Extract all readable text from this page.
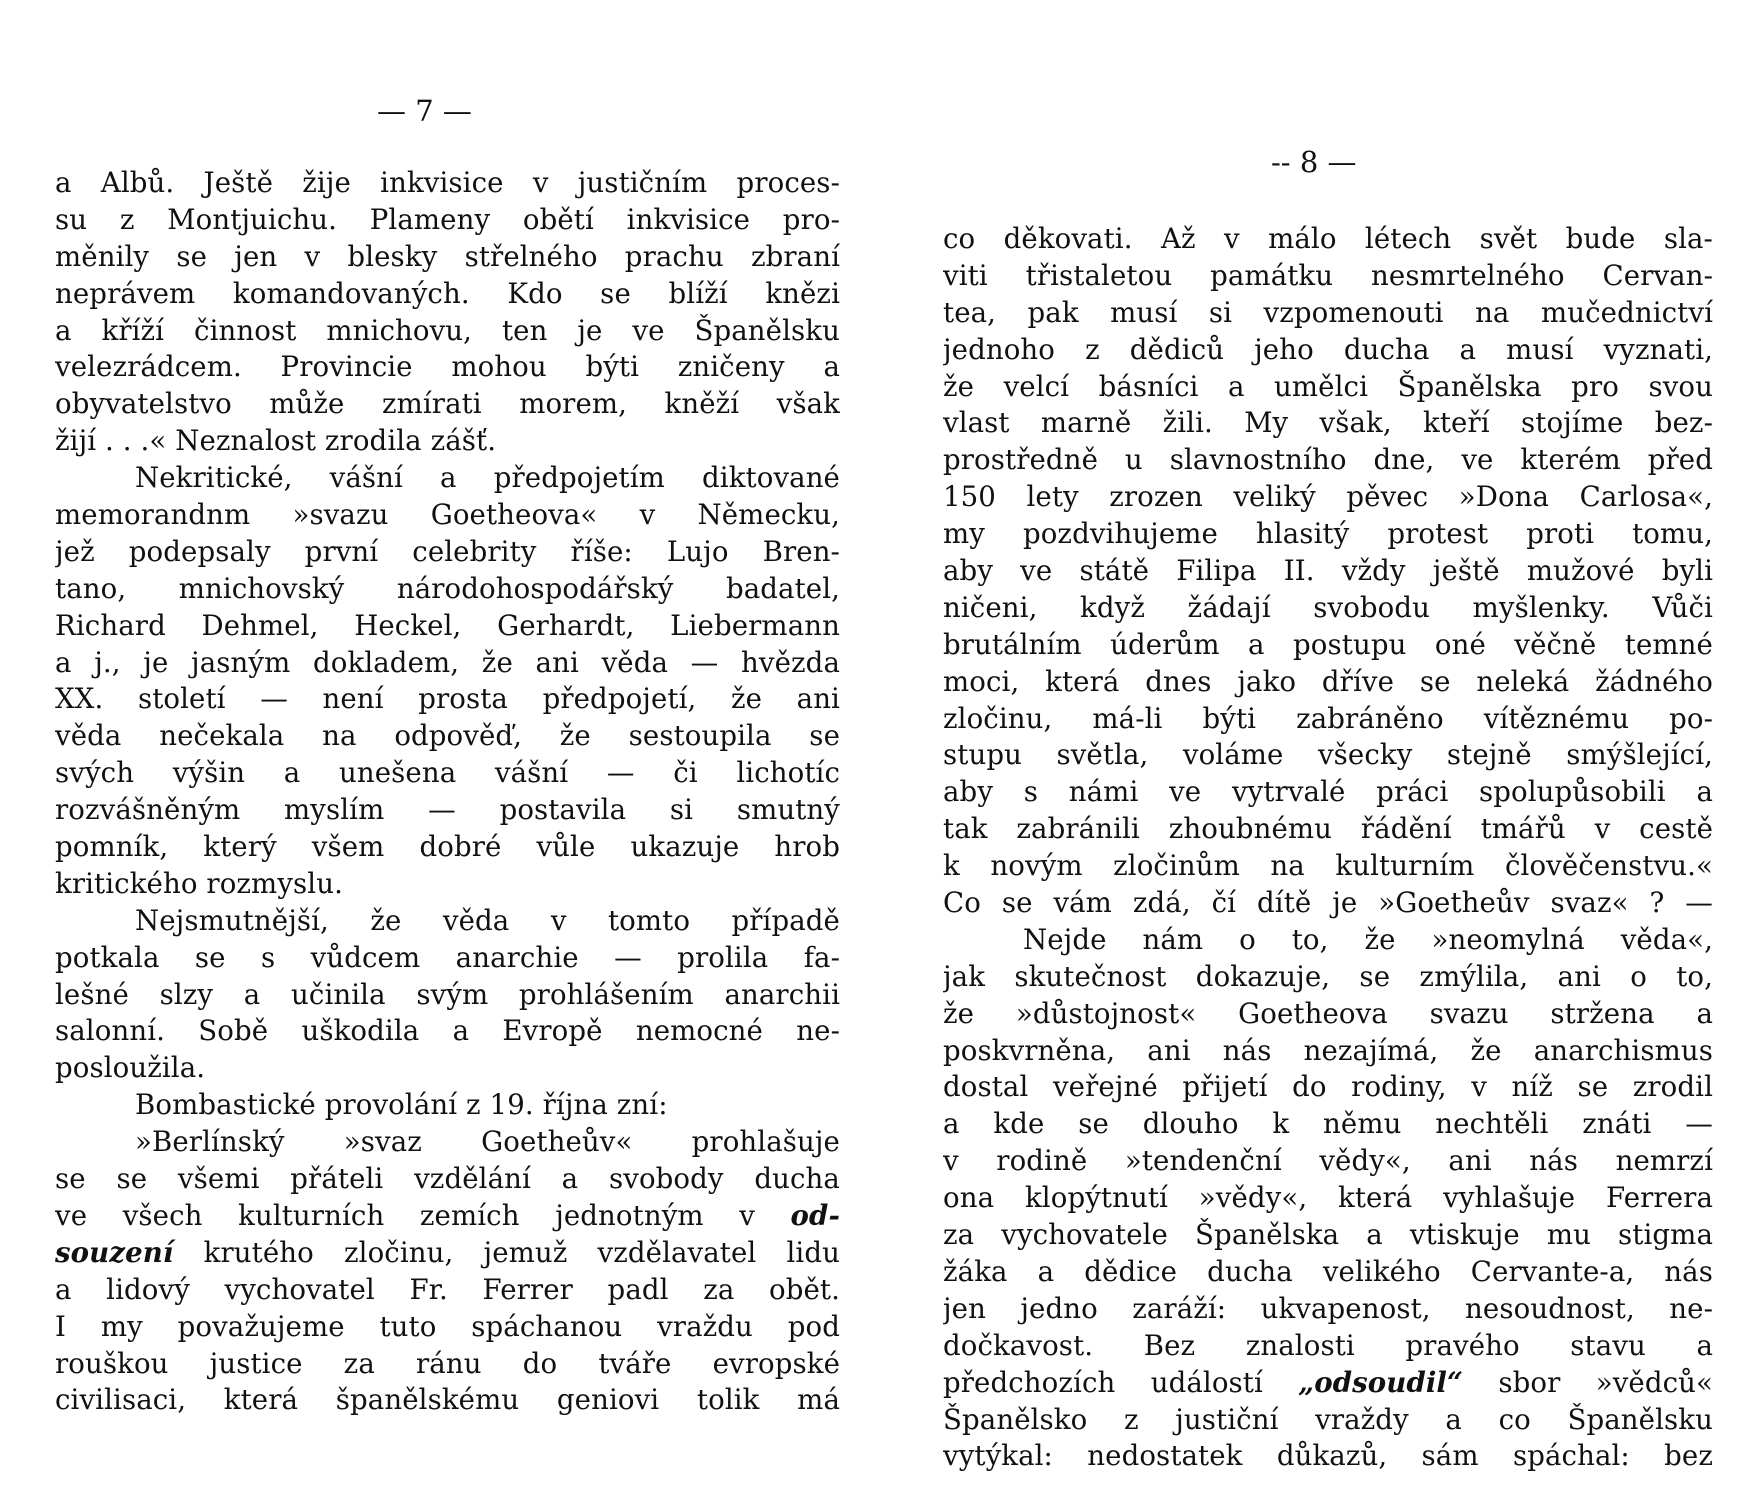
— 7 —
a Albů. Ještě žije inkvisice v justičním proces-
su z Montjuichu. Plameny obětí inkvisice pro-
měnily se jen v blesky střelného prachu zbraní
neprávem komandovaných. Kdo se blíží knězi
a kříží činnost mnichovu, ten je ve Španělsku
velezrádcem. Provincie mohou býti zničeny a
obyvatelstvo může zmírati morem, kněží však
žijí . . .« Neznalost zrodila zášť.
Nekritické, vášní a předpojetím diktované
memorandnm »svazu Goetheova« v Německu,
jež podepsaly první celebrity říše: Lujo Bren-
tano, mnichovský národohospodářský badatel,
Richard Dehmel, Heckel, Gerhardt, Liebermann
a j., je jasným dokladem, že ani věda — hvězda
XX. století — není prosta předpojetí, že ani
věda nečekala na odpověď, že sestoupila se
svých výšin a unešena vášní — či lichotíc
rozvášněným myslím — postavila si smutný
pomník, který všem dobré vůle ukazuje hrob
kritického rozmyslu.
Nejsmutnější, že věda v tomto případě
potkala se s vůdcem anarchie — prolila fa-
lešné slzy a učinila svým prohlášením anarchii
salonní. Sobě uškodila a Evropě nemocné ne-
posloužila.
Bombastické provolání z 19. října zní:
»Berlínský »svaz Goetheův« prohlašuje
se se všemi přáteli vzdělání a svobody ducha
ve všech kulturních zemích jednotným v od-
souzení krutého zločinu, jemuž vzdělavatel lidu
a lidový vychovatel Fr. Ferrer padl za obět.
I my považujeme tuto spáchanou vraždu pod
rouškou justice za ránu do tváře evropské
civilisaci, která španělskému geniovi tolik má
-- 8 —
co děkovati. Až v málo létech svět bude sla-
viti třistaletou památku nesmrtelného Cervan-
tea, pak musí si vzpomenouti na mučednictví
jednoho z dědiců jeho ducha a musí vyznati,
že velcí básníci a umělci Španělska pro svou
vlast marně žili. My však, kteří stojíme bez-
prostředně u slavnostního dne, ve kterém před
150 lety zrozen veliký pěvec »Dona Carlosa«,
my pozdvihujeme hlasitý protest proti tomu,
aby ve státě Filipa II. vždy ještě mužové byli
ničeni, když žádají svobodu myšlenky. Vůči
brutálním úderům a postupu oné věčně temné
moci, která dnes jako dříve se neleká žádného
zločinu, má-li býti zabráněno vítěznému po-
stupu světla, voláme všecky stejně smýšlející,
aby s námi ve vytrvalé práci spolupůsobili a
tak zabránili zhoubnému řádění tmářů v cestě
k novým zločinům na kulturním člověčenstvu.«
Co se vám zdá, čí dítě je »Goetheův svaz« ? —
Nejde nám o to, že »neomylná věda«,
jak skutečnost dokazuje, se zmýlila, ani o to,
že »důstojnost« Goetheova svazu stržena a
poskvrněna, ani nás nezajímá, že anarchismus
dostal veřejné přijetí do rodiny, v níž se zrodil
a kde se dlouho k němu nechtěli znáti —
v rodině »tendenční vědy«, ani nás nemrzí
ona klopýtnutí »vědy«, která vyhlašuje Ferrera
za vychovatele Španělska a vtiskuje mu stigma
žáka a dědice ducha velikého Cervante-a, nás
jen jedno zaráží: ukvapenost, nesoudnost, ne-
dočkavost. Bez znalosti pravého stavu a
předchozích událostí „odsoudil“ sbor »vědců«
Španělsko z justiční vraždy a co Španělsku
vytýkal: nedostatek důkazů, sám spáchal: bez
